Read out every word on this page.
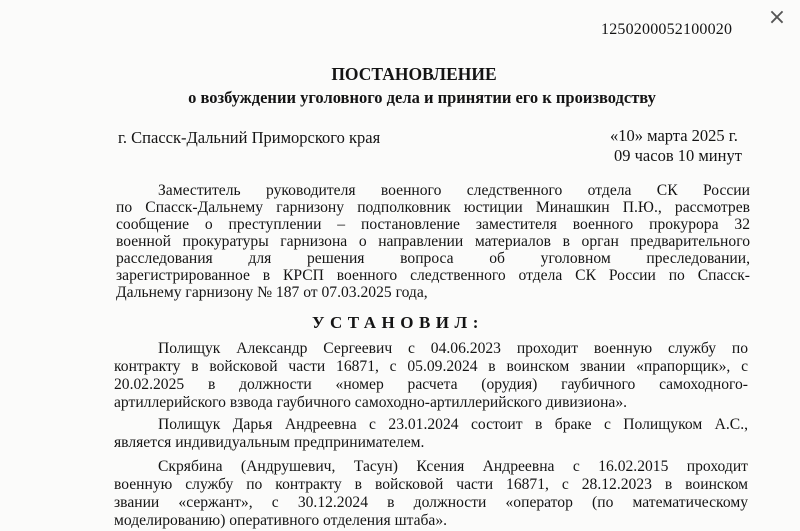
1250200052100020 ×
ПОСТАНОВЛЕНИЕ
о возбуждении уголовного дела и принятии его к производству
г. Спасск-Дальний Приморского края	«10» марта 2025 г.
09 часов 10 минут
Заместитель руководителя военного следственного отдела СК России
по Спасск-Дальнему гарнизону подполковник юстиции Минашкин П.Ю., рассмотрев
сообщение о преступлении – постановление заместителя военного прокурора 32
военной прокуратуры гарнизона о направлении материалов в орган предварительного
расследования для решения вопроса об уголовном преследовании,
зарегистрированное в КРСП военного следственного отдела СК России по Спасск-
Дальнему гарнизону № 187 от 07.03.2025 года,
УСТАНОВИЛ:
Полищук Александр Сергеевич с 04.06.2023 проходит военную службу по
контракту в войсковой части 16871, с 05.09.2024 в воинском звании «прапорщик», с
20.02.2025 в должности «номер расчета (орудия) гаубичного самоходного-
артиллерийского взвода гаубичного самоходно-артиллерийского дивизиона».
Полищук Дарья Андреевна с 23.01.2024 состоит в браке с Полищуком А.С.,
является индивидуальным предпринимателем.
Скрябина (Андрушевич, Тасун) Ксения Андреевна с 16.02.2015 проходит
военную службу по контракту в войсковой части 16871, с 28.12.2023 в воинском
звании «сержант», с 30.12.2024 в должности «оператор (по математическому
моделированию) оперативного отделения штаба».
